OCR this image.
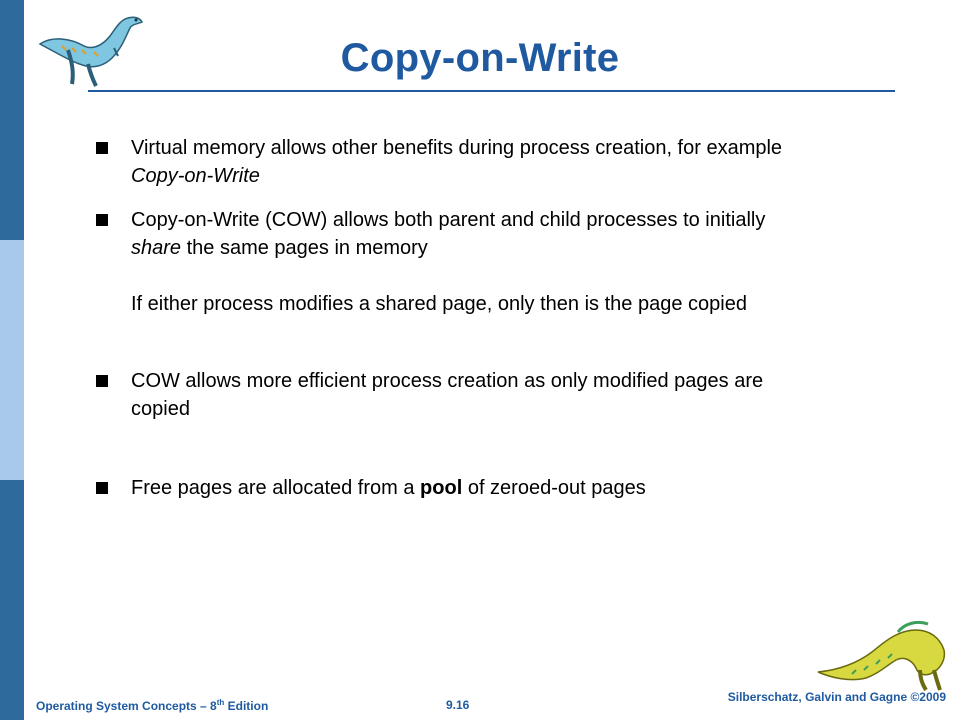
Copy-on-Write
Virtual memory allows other benefits during process creation, for example
Copy-on-Write
Copy-on-Write (COW) allows both parent and child processes to initially
share the same pages in memory
If either process modifies a shared page, only then is the page copied
COW allows more efficient process creation as only modified pages are
copied
Free pages are allocated from a pool of zeroed-out pages
Operating System Concepts – 8th Edition	9.16
Silberschatz, Galvin and Gagne ©2009
